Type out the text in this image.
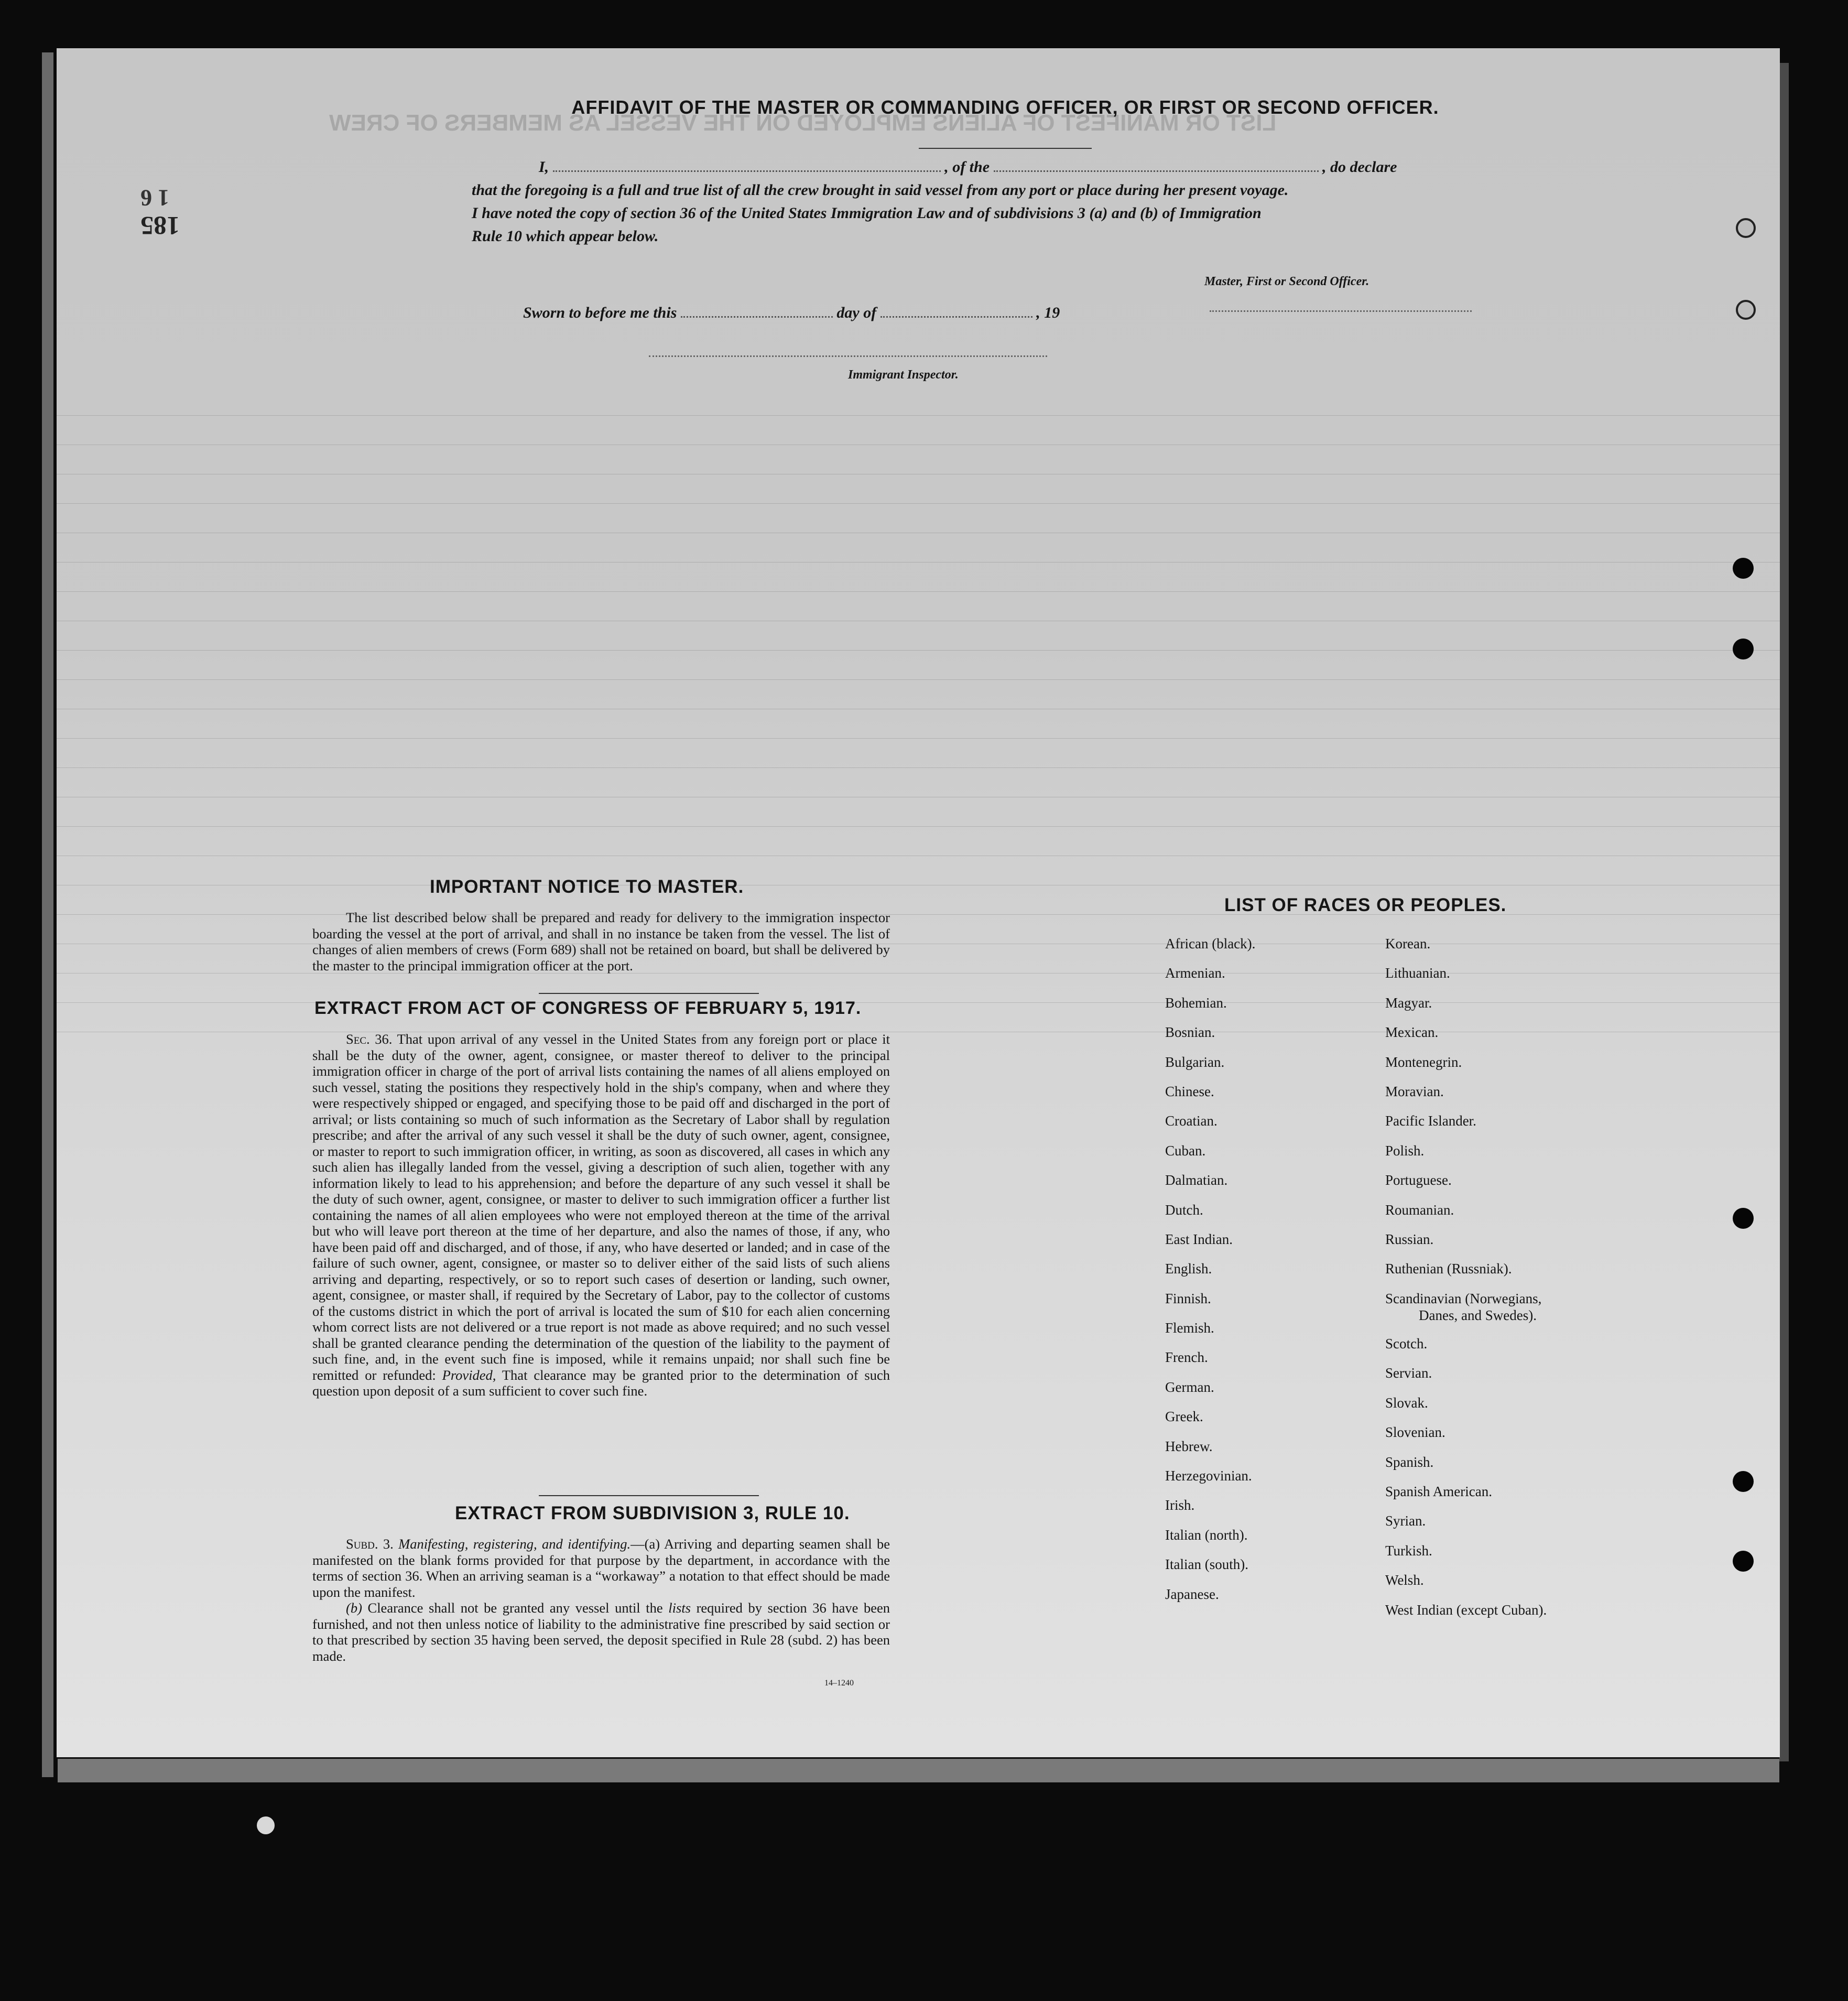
LIST OR MANIFEST OF ALIENS EMPLOYED ON THE VESSEL AS MEMBERS OF CREW
1 6
185
AFFIDAVIT OF THE MASTER OR COMMANDING OFFICER, OR FIRST OR SECOND OFFICER.
I,	, of the	, do declare
that the foregoing is a full and true list of all the crew brought in said vessel from any port or place during her present voyage.
I have noted the copy of section 36 of the United States Immigration Law and of subdivisions 3 (a) and (b) of Immigration
Rule 10 which appear below.
Master, First or Second Officer.
Sworn to before me this	day of	, 19
Immigrant Inspector.
IMPORTANT NOTICE TO MASTER.

The list described below shall be prepared and ready for delivery to the immigration inspector boarding the vessel at the port of arrival, and shall in no instance be taken from the vessel. The list of changes of alien members of crews (Form 689) shall not be retained on board, but shall be delivered by the master to the principal immigration officer at the port.

EXTRACT FROM ACT OF CONGRESS OF FEBRUARY 5, 1917.

Sec. 36. That upon arrival of any vessel in the United States from any foreign port or place it shall be the duty of the owner, agent, consignee, or master thereof to deliver to the principal immigration officer in charge of the port of arrival lists containing the names of all aliens employed on such vessel, stating the positions they respectively hold in the ship's company, when and where they were respectively shipped or engaged, and specifying those to be paid off and discharged in the port of arrival; or lists containing so much of such information as the Secretary of Labor shall by regulation prescribe; and after the arrival of any such vessel it shall be the duty of such owner, agent, consignee, or master to report to such immigration officer, in writing, as soon as discovered, all cases in which any such alien has illegally landed from the vessel, giving a description of such alien, together with any information likely to lead to his apprehension; and before the departure of any such vessel it shall be the duty of such owner, agent, consignee, or master to deliver to such immigration officer a further list containing the names of all alien employees who were not employed thereon at the time of the arrival but who will leave port thereon at the time of her departure, and also the names of those, if any, who have been paid off and discharged, and of those, if any, who have deserted or landed; and in case of the failure of such owner, agent, consignee, or master so to deliver either of the said lists of such aliens arriving and departing, respectively, or so to report such cases of desertion or landing, such owner, agent, consignee, or master shall, if required by the Secretary of Labor, pay to the collector of customs of the customs district in which the port of arrival is located the sum of $10 for each alien concerning whom correct lists are not delivered or a true report is not made as above required; and no such vessel shall be granted clearance pending the determination of the question of the liability to the payment of such fine, and, in the event such fine is imposed, while it remains unpaid; nor shall such fine be remitted or refunded: Provided, That clearance may be granted prior to the determination of such question upon deposit of a sum sufficient to cover such fine.

EXTRACT FROM SUBDIVISION 3, RULE 10.

Subd. 3. Manifesting, registering, and identifying.—(a) Arriving and departing seamen shall be manifested on the blank forms provided for that purpose by the department, in accordance with the terms of section 36. When an arriving seaman is a “workaway” a notation to that effect should be made upon the manifest.

(b) Clearance shall not be granted any vessel until the lists required by section 36 have been furnished, and not then unless notice of liability to the administrative fine prescribed by said section or to that prescribed by section 35 having been served, the deposit specified in Rule 28 (subd. 2) has been made.

14–1240
LIST OF RACES OR PEOPLES.
African (black).
Armenian.
Bohemian.
Bosnian.
Bulgarian.
Chinese.
Croatian.
Cuban.
Dalmatian.
Dutch.
East Indian.
English.
Finnish.
Flemish.
French.
German.
Greek.
Hebrew.
Herzegovinian.
Irish.
Italian (north).
Italian (south).
Japanese.
Korean.
Lithuanian.
Magyar.
Mexican.
Montenegrin.
Moravian.
Pacific Islander.
Polish.
Portuguese.
Roumanian.
Russian.
Ruthenian (Russniak).
Scandinavian (Norwegians,
Danes, and Swedes).
Scotch.
Servian.
Slovak.
Slovenian.
Spanish.
Spanish American.
Syrian.
Turkish.
Welsh.
West Indian (except Cuban).
